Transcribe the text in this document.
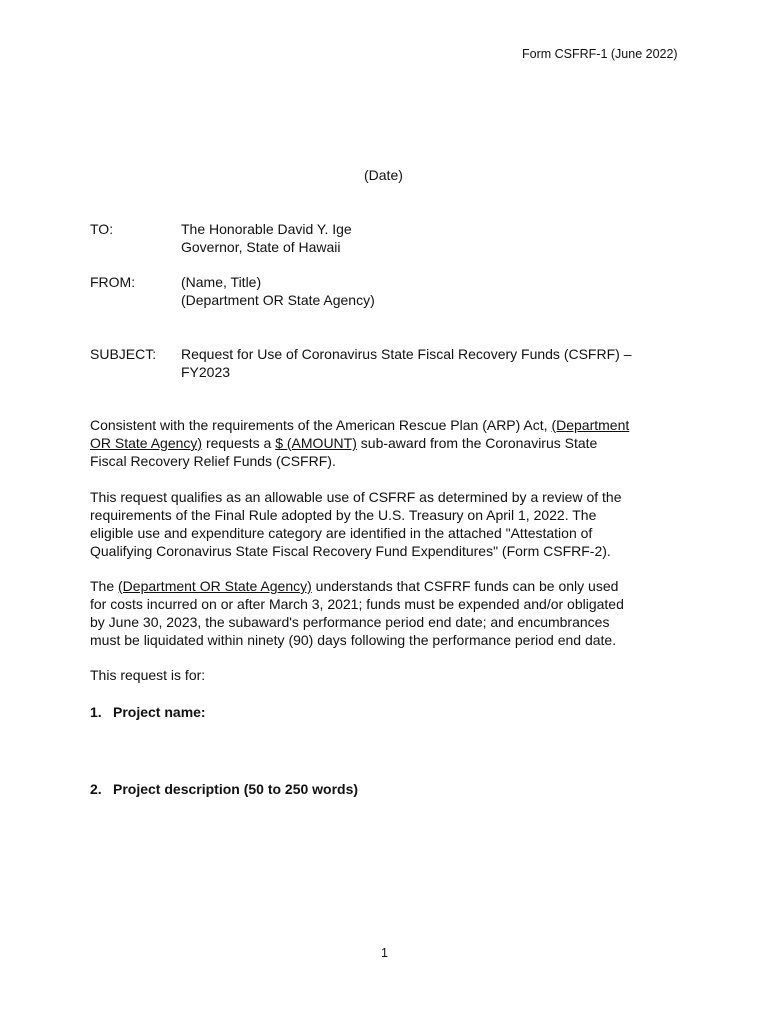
Form CSFRF-1 (June 2022)
(Date)
TO:	The Honorable David Y. Ige
Governor, State of Hawaii
FROM:	(Name, Title)
(Department OR State Agency)
SUBJECT: Request for Use of Coronavirus State Fiscal Recovery Funds (CSFRF) –
FY2023
Consistent with the requirements of the American Rescue Plan (ARP) Act, (Department
OR State Agency) requests a $ (AMOUNT) sub-award from the Coronavirus State
Fiscal Recovery Relief Funds (CSFRF).
This request qualifies as an allowable use of CSFRF as determined by a review of the
requirements of the Final Rule adopted by the U.S. Treasury on April 1, 2022. The
eligible use and expenditure category are identified in the attached "Attestation of
Qualifying Coronavirus State Fiscal Recovery Fund Expenditures" (Form CSFRF-2).
The (Department OR State Agency) understands that CSFRF funds can be only used
for costs incurred on or after March 3, 2021; funds must be expended and/or obligated
by June 30, 2023, the subaward's performance period end date; and encumbrances
must be liquidated within ninety (90) days following the performance period end date.
This request is for:
1. Project name:
2. Project description (50 to 250 words)
1
